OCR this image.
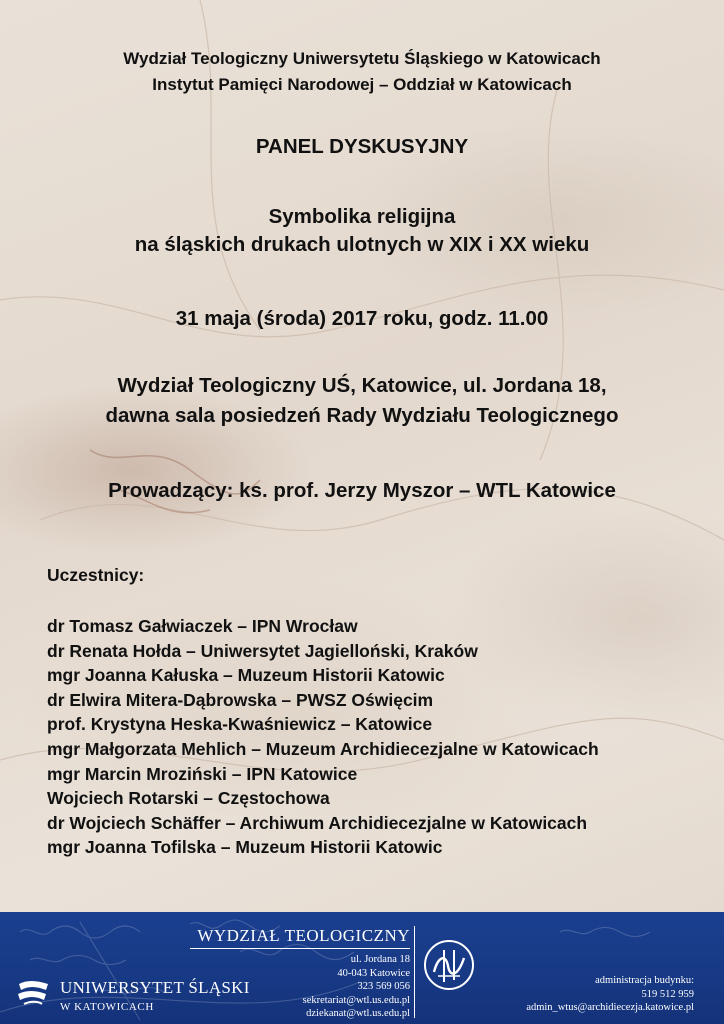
Wydział Teologiczny Uniwersytetu Śląskiego w Katowicach
Instytut Pamięci Narodowej – Oddział w Katowicach
PANEL DYSKUSYJNY
Symbolika religijna
na śląskich drukach ulotnych w XIX i XX wieku
31 maja (środa) 2017 roku, godz. 11.00
Wydział Teologiczny UŚ, Katowice, ul. Jordana 18,
dawna sala posiedzeń Rady Wydziału Teologicznego
Prowadzący: ks. prof. Jerzy Myszor – WTL Katowice
Uczestnicy:
dr Tomasz Gałwiaczek – IPN Wrocław
dr Renata Hołda – Uniwersytet Jagielloński, Kraków
mgr Joanna Kałuska – Muzeum Historii Katowic
dr Elwira Mitera-Dąbrowska – PWSZ Oświęcim
prof. Krystyna Heska-Kwaśniewicz – Katowice
mgr Małgorzata Mehlich – Muzeum Archidiecezjalne w Katowicach
mgr Marcin Mroziński – IPN Katowice
Wojciech Rotarski – Częstochowa
dr Wojciech Schäffer – Archiwum Archidiecezjalne w Katowicach
mgr Joanna Tofilska – Muzeum Historii Katowic
UNIWERSYTET ŚLĄSKI
W KATOWICACH
WYDZIAŁ TEOLOGICZNY
ul. Jordana 18
40-043 Katowice
323 569 056
sekretariat@wtl.us.edu.pl
dziekanat@wtl.us.edu.pl
administracja budynku:
519 512 959
admin_wtus@archidiecezja.katowice.pl
